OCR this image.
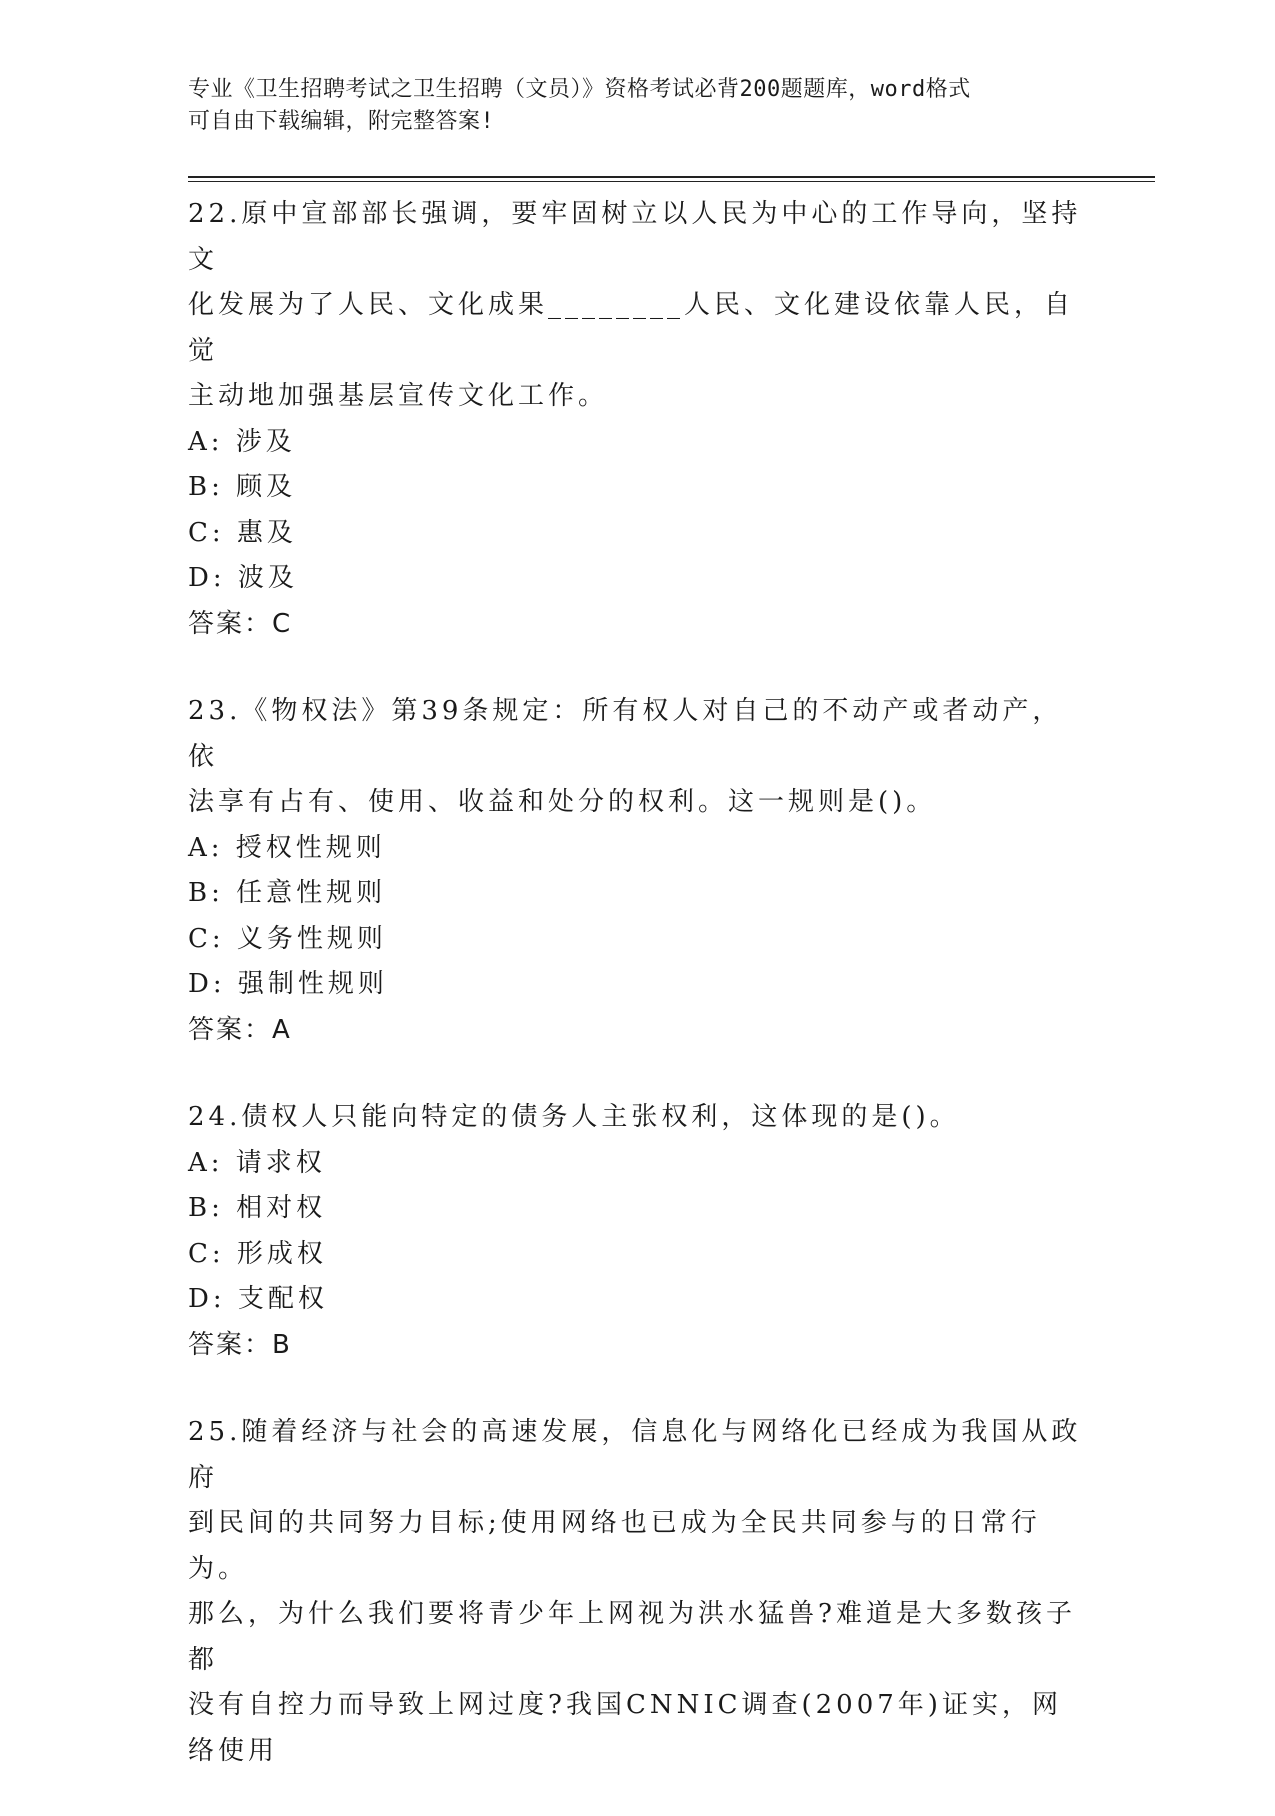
专业《卫生招聘考试之卫生招聘（文员）》资格考试必背200题题库，word格式
可自由下载编辑，附完整答案!
22.原中宣部部长强调，要牢固树立以人民为中心的工作导向，坚持文
化发展为了人民、文化成果________人民、文化建设依靠人民，自觉
主动地加强基层宣传文化工作。
A: 涉及
B: 顾及
C: 惠及
D: 波及
答案：C
23.《物权法》第39条规定：所有权人对自己的不动产或者动产，依
法享有占有、使用、收益和处分的权利。这一规则是()。
A: 授权性规则
B: 任意性规则
C: 义务性规则
D: 强制性规则
答案：A
24.债权人只能向特定的债务人主张权利，这体现的是()。
A: 请求权
B: 相对权
C: 形成权
D: 支配权
答案：B
25.随着经济与社会的高速发展，信息化与网络化已经成为我国从政府
到民间的共同努力目标;使用网络也已成为全民共同参与的日常行为。
那么，为什么我们要将青少年上网视为洪水猛兽?难道是大多数孩子都
没有自控力而导致上网过度?我国CNNIC调查(2007年)证实，网络使用
